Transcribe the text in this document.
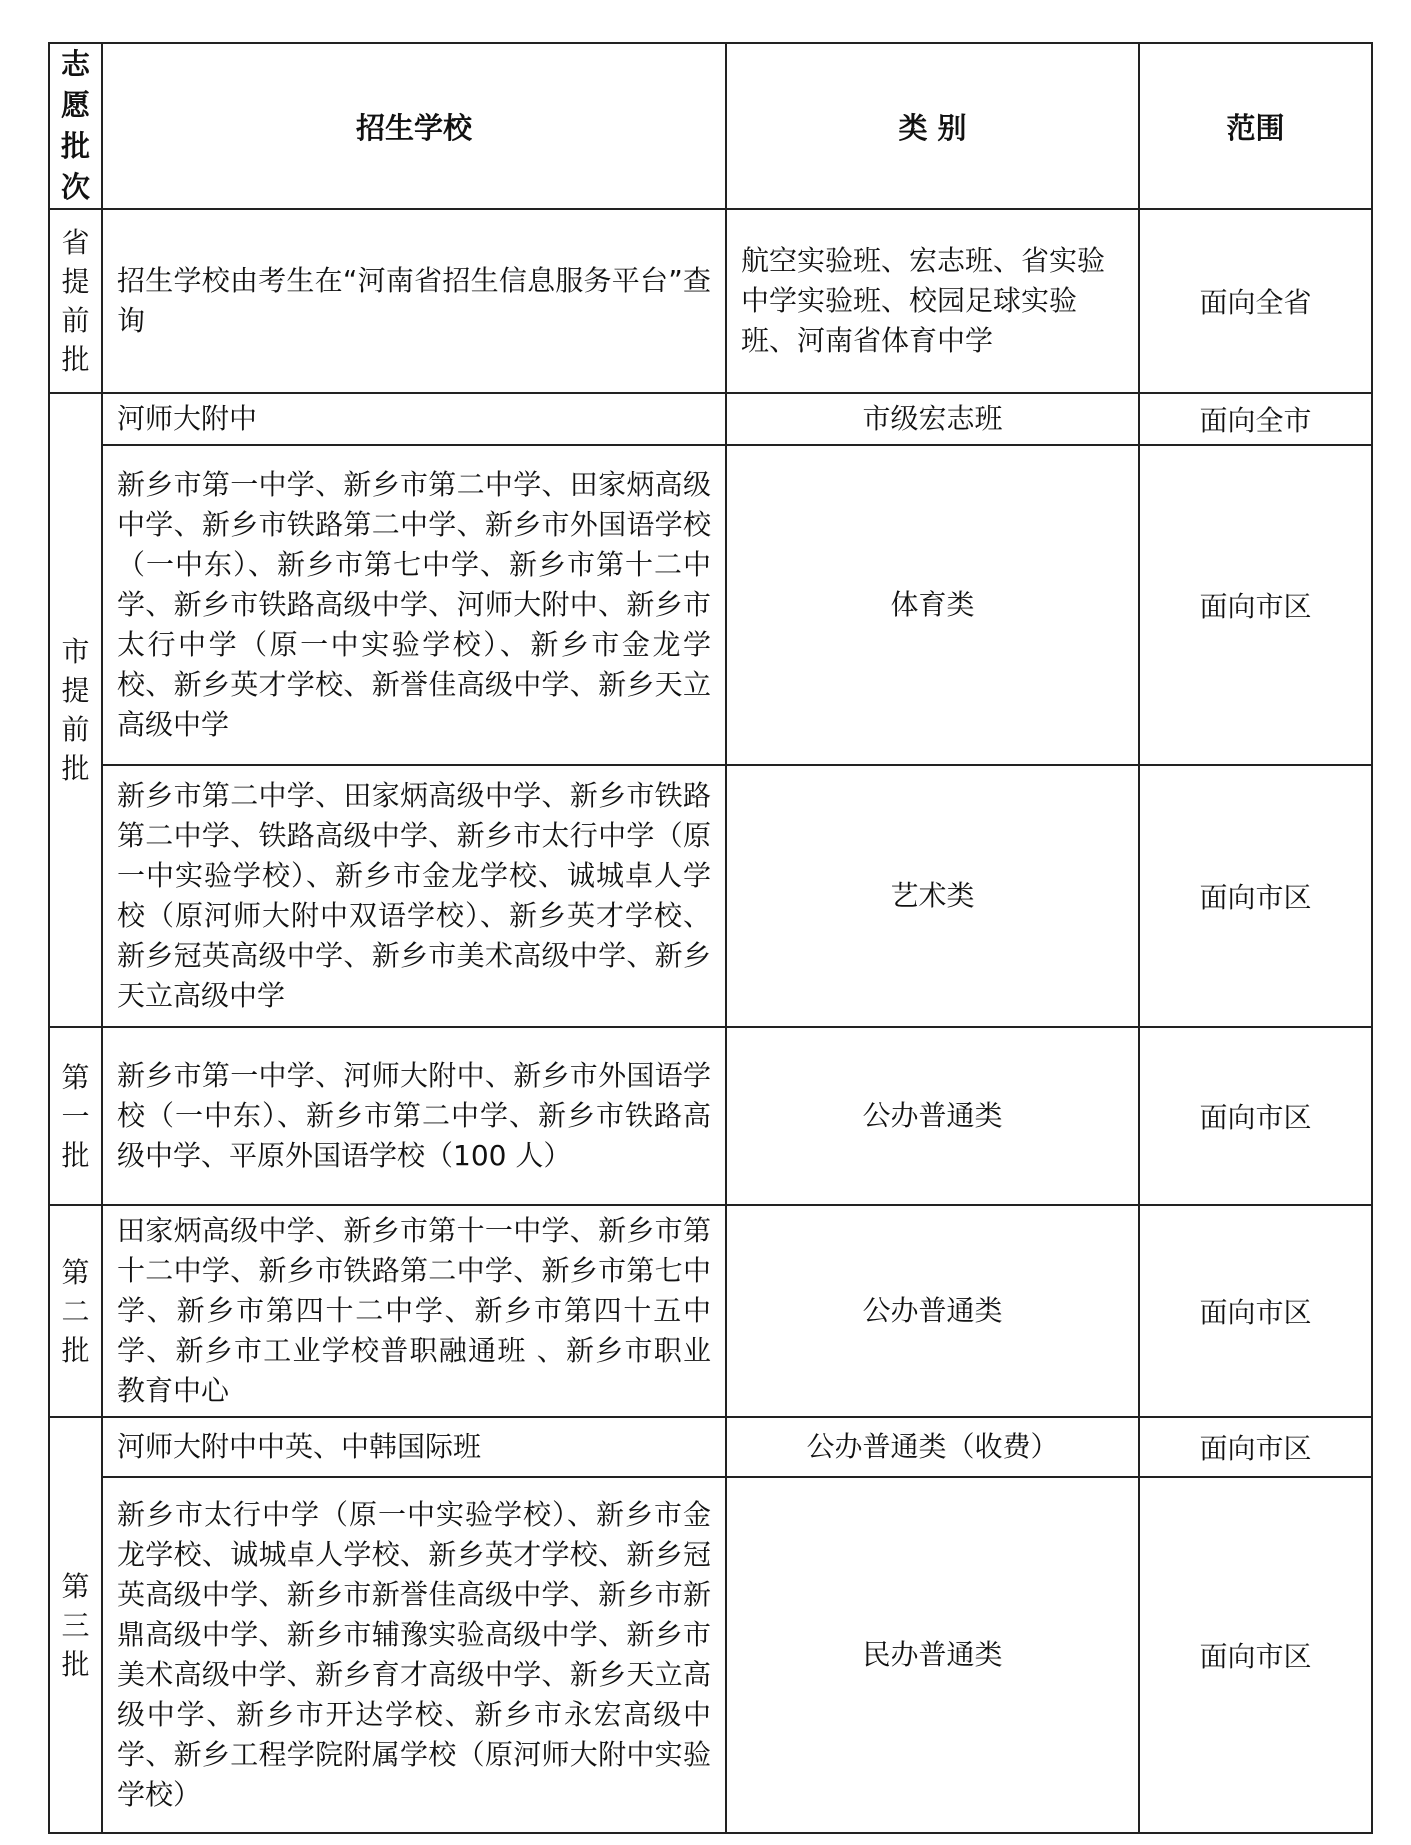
志愿批次	招生学校	类 别	范围

省提前批	招生学校由考生在“河南省招生信息服务平台”查询	航空实验班、宏志班、省实验中学实验班、校园足球实验班、河南省体育中学	面向全省

市提前批	河师大附中	市级宏志班	面向全市
	新乡市第一中学、新乡市第二中学、田家炳高级中学、新乡市铁路第二中学、新乡市外国语学校（一中东）、新乡市第七中学、新乡市第十二中学、新乡市铁路高级中学、河师大附中、新乡市太行中学（原一中实验学校）、新乡市金龙学校、新乡英才学校、新誉佳高级中学、新乡天立高级中学	体育类	面向市区
	新乡市第二中学、田家炳高级中学、新乡市铁路第二中学、铁路高级中学、新乡市太行中学（原一中实验学校）、新乡市金龙学校、诚城卓人学校（原河师大附中双语学校）、新乡英才学校、新乡冠英高级中学、新乡市美术高级中学、新乡天立高级中学	艺术类	面向市区

第一批	新乡市第一中学、河师大附中、新乡市外国语学校（一中东）、新乡市第二中学、新乡市铁路高级中学、平原外国语学校（100 人）	公办普通类	面向市区

第二批	田家炳高级中学、新乡市第十一中学、新乡市第十二中学、新乡市铁路第二中学、新乡市第七中学、新乡市第四十二中学、新乡市第四十五中学、新乡市工业学校普职融通班 、新乡市职业教育中心	公办普通类	面向市区

第三批	河师大附中中英、中韩国际班	公办普通类（收费）	面向市区
	新乡市太行中学（原一中实验学校）、新乡市金龙学校、诚城卓人学校、新乡英才学校、新乡冠英高级中学、新乡市新誉佳高级中学、新乡市新鼎高级中学、新乡市辅豫实验高级中学、新乡市美术高级中学、新乡育才高级中学、新乡天立高级中学、新乡市开达学校、新乡市永宏高级中学、新乡工程学院附属学校（原河师大附中实验学校）	民办普通类	面向市区
